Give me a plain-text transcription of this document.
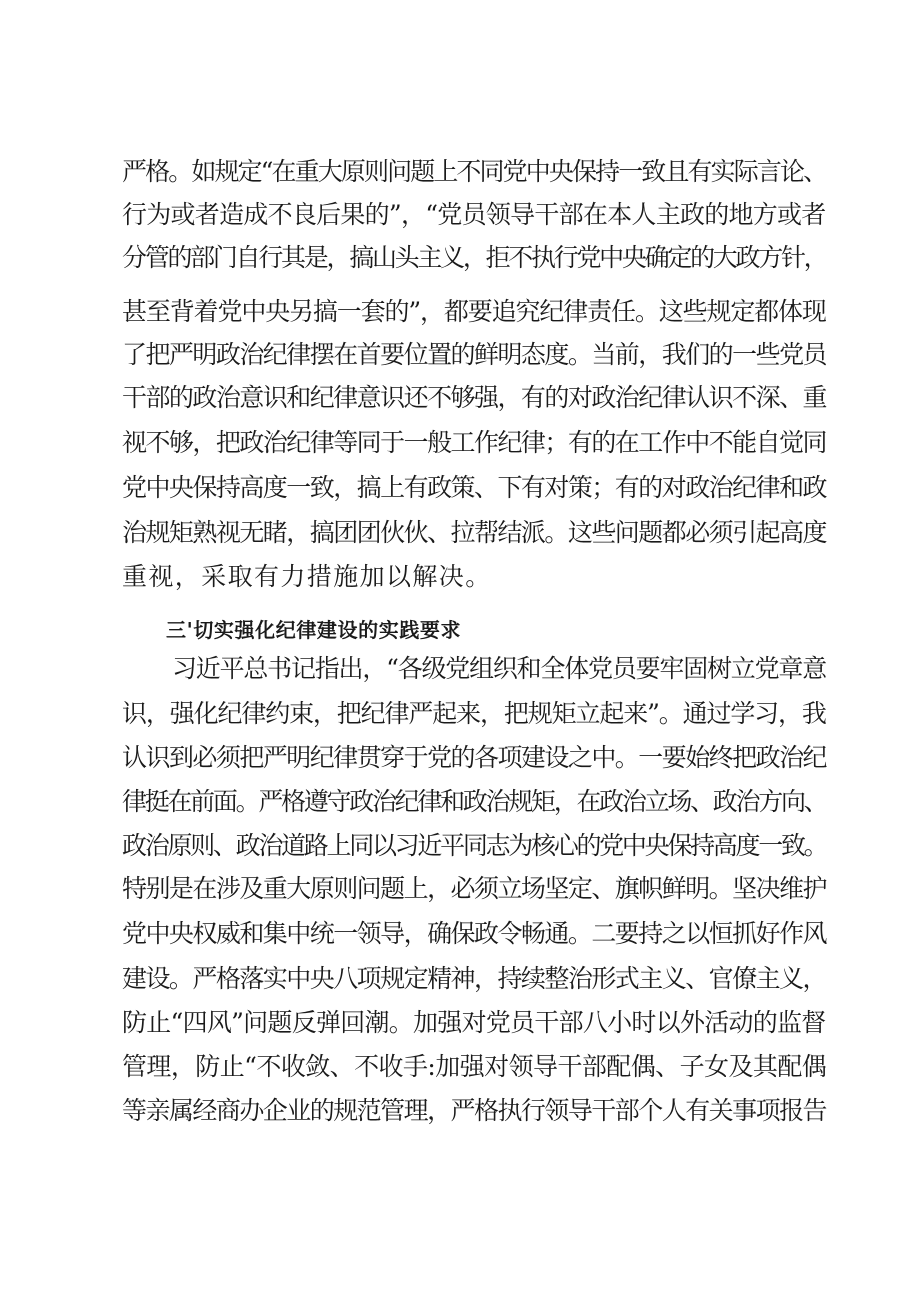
严格。如规定“在重大原则问题上不同党中央保持一致且有实际言论、
行为或者造成不良后果的”，“党员领导干部在本人主政的地方或者
分管的部门自行其是，搞山头主义，拒不执行党中央确定的大政方针，
甚至背着党中央另搞一套的”，都要追究纪律责任。这些规定都体现
了把严明政治纪律摆在首要位置的鲜明态度。当前，我们的一些党员
干部的政治意识和纪律意识还不够强，有的对政治纪律认识不深、重
视不够，把政治纪律等同于一般工作纪律；有的在工作中不能自觉同
党中央保持高度一致，搞上有政策、下有对策；有的对政治纪律和政
治规矩熟视无睹，搞团团伙伙、拉帮结派。这些问题都必须引起高度
重视，采取有力措施加以解决。
三'切实强化纪律建设的实践要求
习近平总书记指出，“各级党组织和全体党员要牢固树立党章意
识，强化纪律约束，把纪律严起来，把规矩立起来”。通过学习，我
认识到必须把严明纪律贯穿于党的各项建设之中。一要始终把政治纪
律挺在前面。严格遵守政治纪律和政治规矩，在政治立场、政治方向、
政治原则、政治道路上同以习近平同志为核心的党中央保持高度一致。
特别是在涉及重大原则问题上，必须立场坚定、旗帜鲜明。坚决维护
党中央权威和集中统一领导，确保政令畅通。二要持之以恒抓好作风
建设。严格落实中央八项规定精神，持续整治形式主义、官僚主义，
防止“四风”问题反弹回潮。加强对党员干部八小时以外活动的监督
管理，防止“不收敛、不收手:加强对领导干部配偶、子女及其配偶
等亲属经商办企业的规范管理，严格执行领导干部个人有关事项报告
